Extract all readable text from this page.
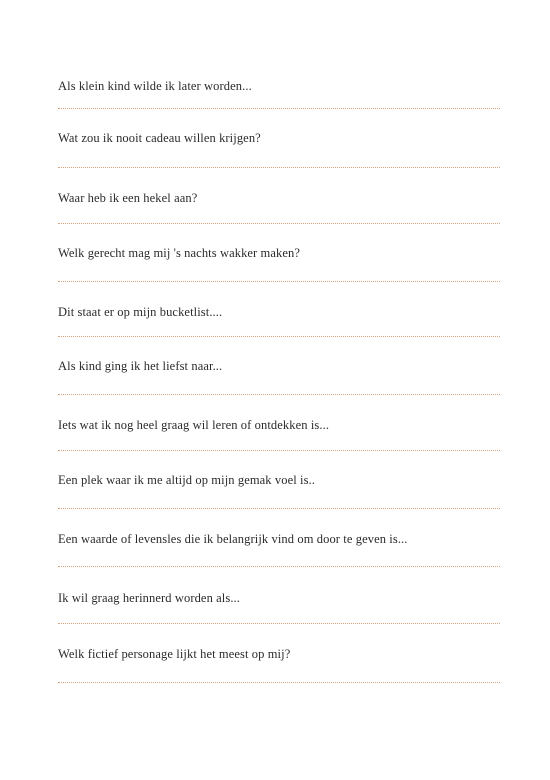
Als klein kind wilde ik later worden...
Wat zou ik nooit cadeau willen krijgen?
Waar heb ik een hekel aan?
Welk gerecht mag mij 's nachts wakker maken?
Dit staat er op mijn bucketlist....
Als kind ging ik het liefst naar...
Iets wat ik nog heel graag wil leren of ontdekken is...
Een plek waar ik me altijd op mijn gemak voel is..
Een waarde of levensles die ik belangrijk vind om door te geven is...
Ik wil graag herinnerd worden als...
Welk fictief personage lijkt het meest op mij?
